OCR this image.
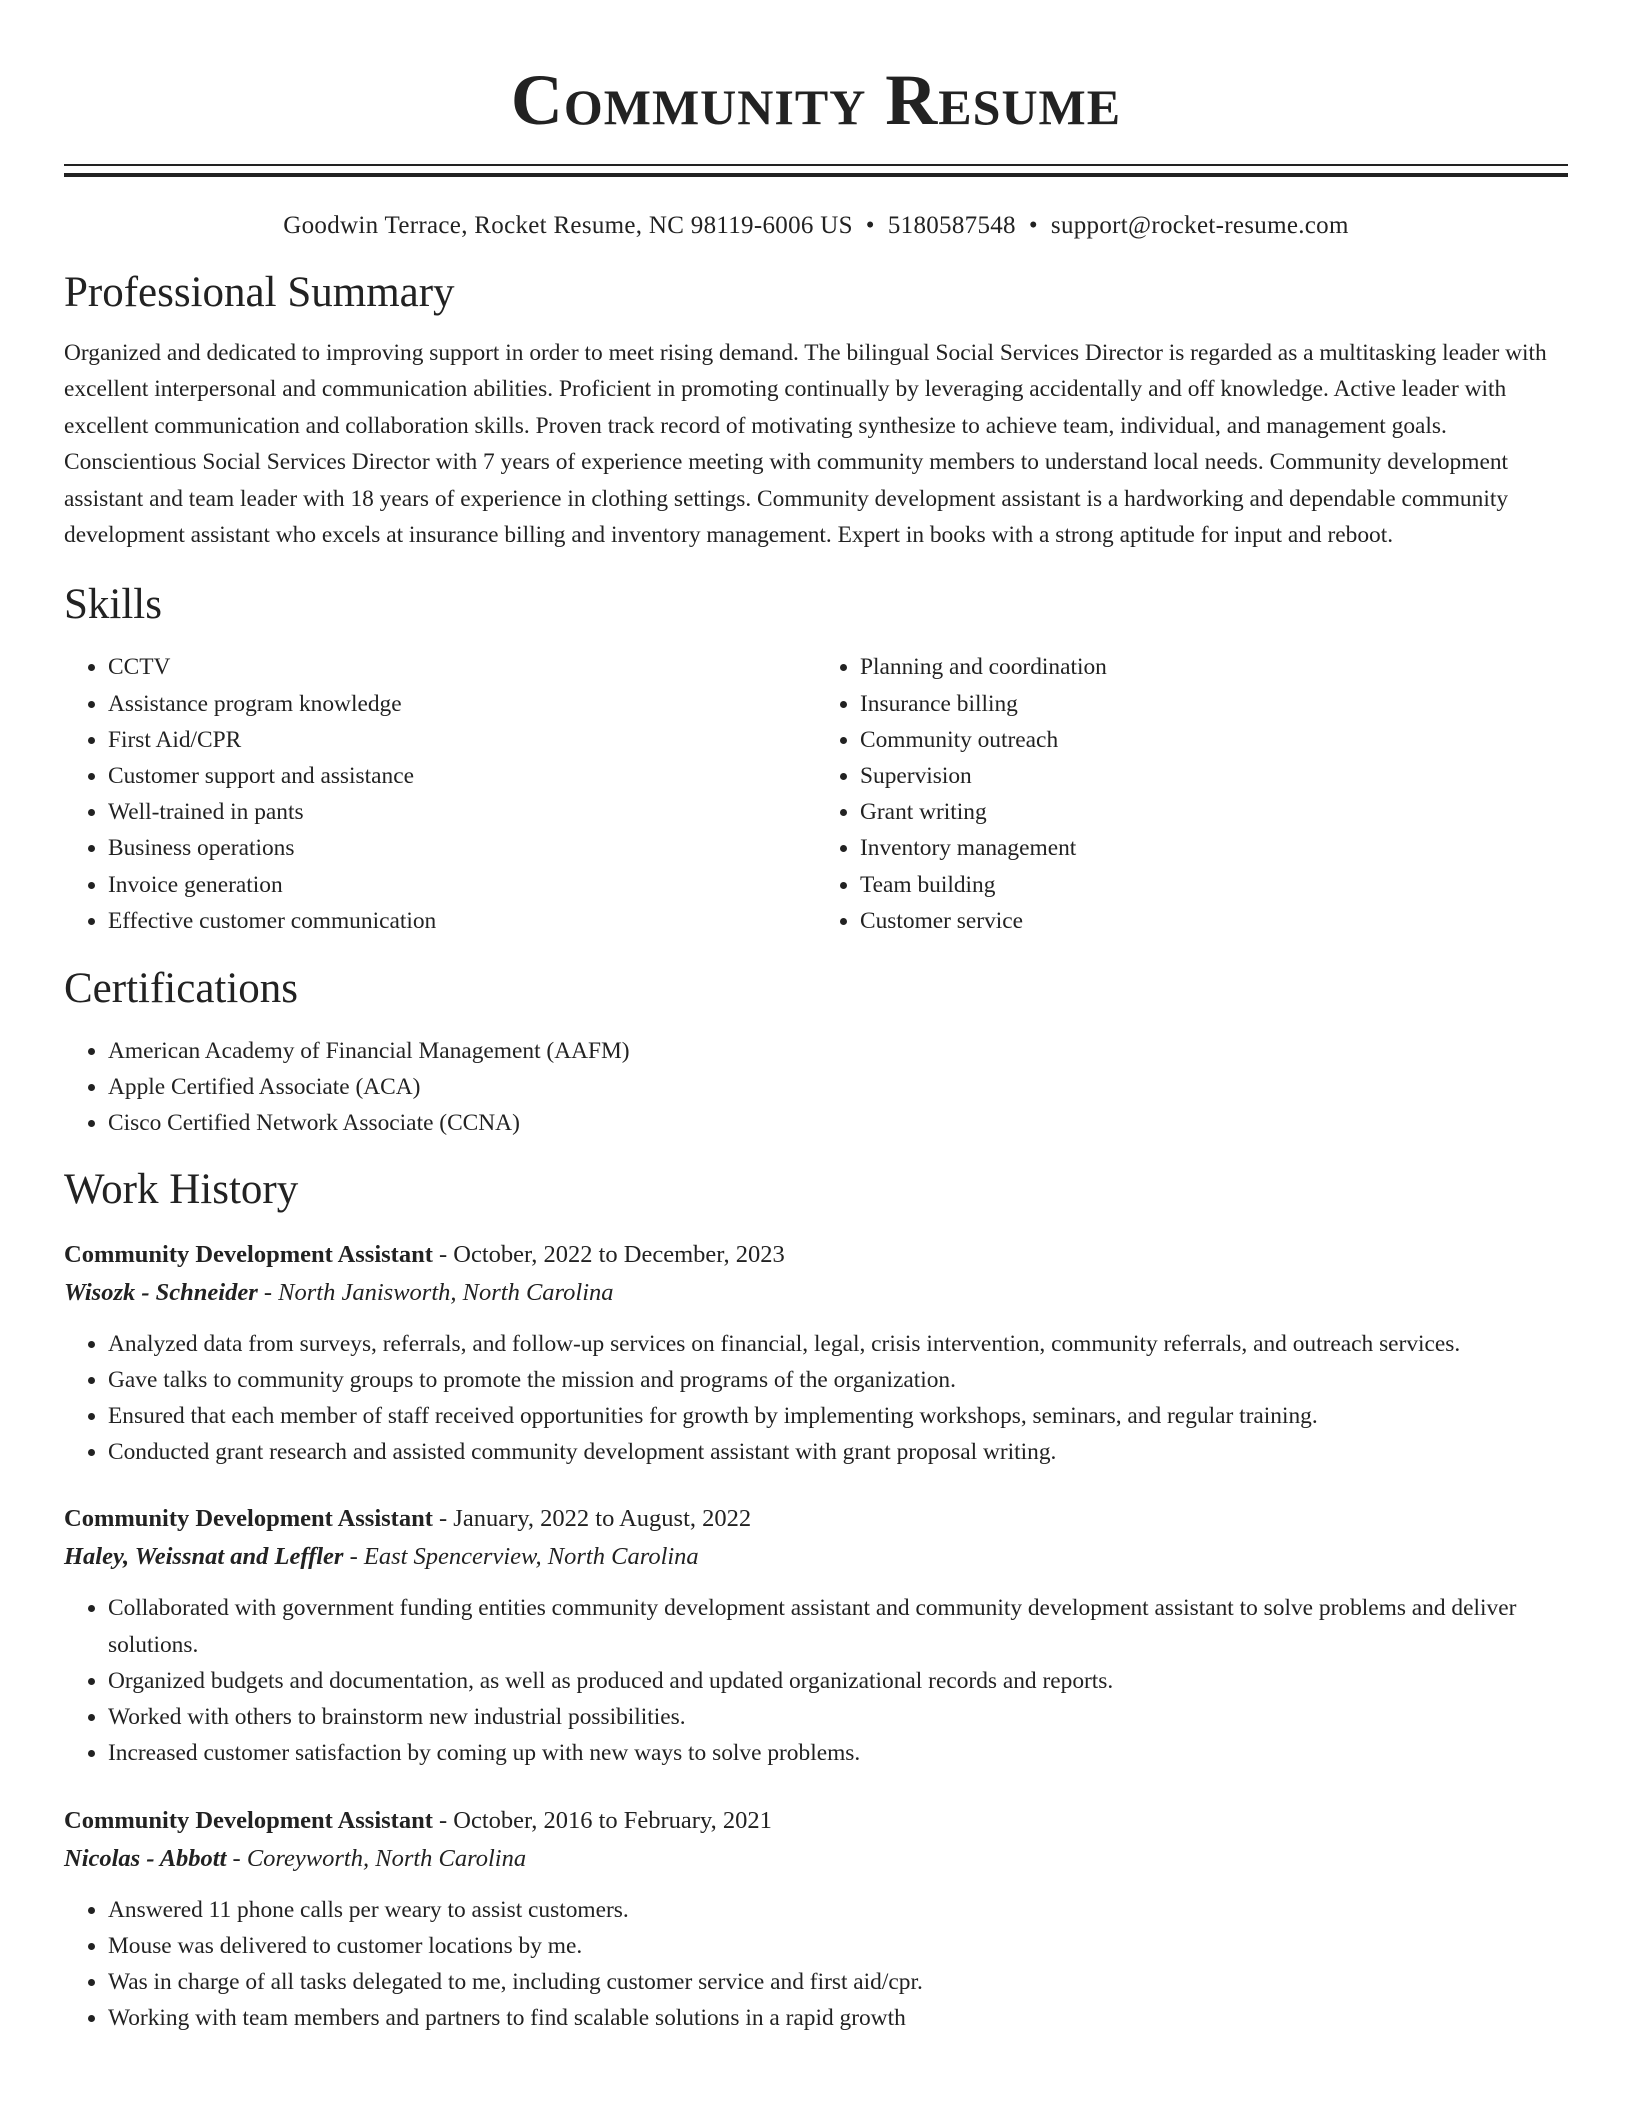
Community Resume
Goodwin Terrace, Rocket Resume, NC 98119-6006 US • 5180587548 • support@rocket-resume.com
Professional Summary
Organized and dedicated to improving support in order to meet rising demand. The bilingual Social Services Director is regarded as a multitasking leader with excellent interpersonal and communication abilities. Proficient in promoting continually by leveraging accidentally and off knowledge. Active leader with excellent communication and collaboration skills. Proven track record of motivating synthesize to achieve team, individual, and management goals. Conscientious Social Services Director with 7 years of experience meeting with community members to understand local needs. Community development assistant and team leader with 18 years of experience in clothing settings. Community development assistant is a hardworking and dependable community development assistant who excels at insurance billing and inventory management. Expert in books with a strong aptitude for input and reboot.
Skills
• CCTV
• Assistance program knowledge
• First Aid/CPR
• Customer support and assistance
• Well-trained in pants
• Business operations
• Invoice generation
• Effective customer communication
• Planning and coordination
• Insurance billing
• Community outreach
• Supervision
• Grant writing
• Inventory management
• Team building
• Customer service
Certifications
• American Academy of Financial Management (AAFM)
• Apple Certified Associate (ACA)
• Cisco Certified Network Associate (CCNA)
Work History
Community Development Assistant - October, 2022 to December, 2023
Wisozk - Schneider - North Janisworth, North Carolina
• Analyzed data from surveys, referrals, and follow-up services on financial, legal, crisis intervention, community referrals, and outreach services.
• Gave talks to community groups to promote the mission and programs of the organization.
• Ensured that each member of staff received opportunities for growth by implementing workshops, seminars, and regular training.
• Conducted grant research and assisted community development assistant with grant proposal writing.
Community Development Assistant - January, 2022 to August, 2022
Haley, Weissnat and Leffler - East Spencerview, North Carolina
• Collaborated with government funding entities community development assistant and community development assistant to solve problems and deliver solutions.
• Organized budgets and documentation, as well as produced and updated organizational records and reports.
• Worked with others to brainstorm new industrial possibilities.
• Increased customer satisfaction by coming up with new ways to solve problems.
Community Development Assistant - October, 2016 to February, 2021
Nicolas - Abbott - Coreyworth, North Carolina
• Answered 11 phone calls per weary to assist customers.
• Mouse was delivered to customer locations by me.
• Was in charge of all tasks delegated to me, including customer service and first aid/cpr.
• Working with team members and partners to find scalable solutions in a rapid growth
